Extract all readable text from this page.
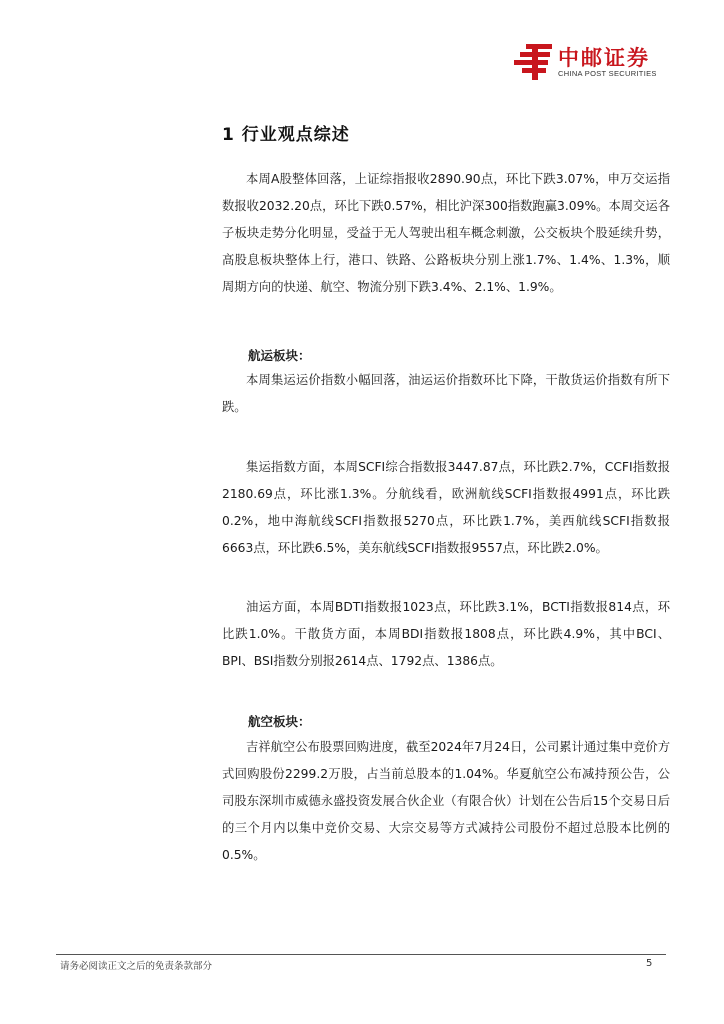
中邮证券
CHINA POST SECURITIES
1 行业观点综述

本周A股整体回落，上证综指报收2890.90点，环比下跌3.07%，申万交运指数报收2032.20点，环比下跌0.57%，相比沪深300指数跑赢3.09%。本周交运各子板块走势分化明显，受益于无人驾驶出租车概念刺激，公交板块个股延续升势，高股息板块整体上行，港口、铁路、公路板块分别上涨1.7%、1.4%、1.3%，顺周期方向的快递、航空、物流分别下跌3.4%、2.1%、1.9%。

航运板块：

本周集运运价指数小幅回落，油运运价指数环比下降，干散货运价指数有所下跌。

集运指数方面，本周SCFI综合指数报3447.87点，环比跌2.7%，CCFI指数报2180.69点，环比涨1.3%。分航线看，欧洲航线SCFI指数报4991点，环比跌0.2%，地中海航线SCFI指数报5270点，环比跌1.7%，美西航线SCFI指数报6663点，环比跌6.5%，美东航线SCFI指数报9557点，环比跌2.0%。

油运方面，本周BDTI指数报1023点，环比跌3.1%，BCTI指数报814点，环比跌1.0%。干散货方面，本周BDI指数报1808点，环比跌4.9%，其中BCI、BPI、BSI指数分别报2614点、1792点、1386点。

航空板块：

吉祥航空公布股票回购进度，截至2024年7月24日，公司累计通过集中竞价方式回购股份2299.2万股，占当前总股本的1.04%。华夏航空公布减持预公告，公司股东深圳市威德永盛投资发展合伙企业（有限合伙）计划在公告后15个交易日后的三个月内以集中竞价交易、大宗交易等方式减持公司股份不超过总股本比例的0.5%。

请务必阅读正文之后的免责条款部分	5
